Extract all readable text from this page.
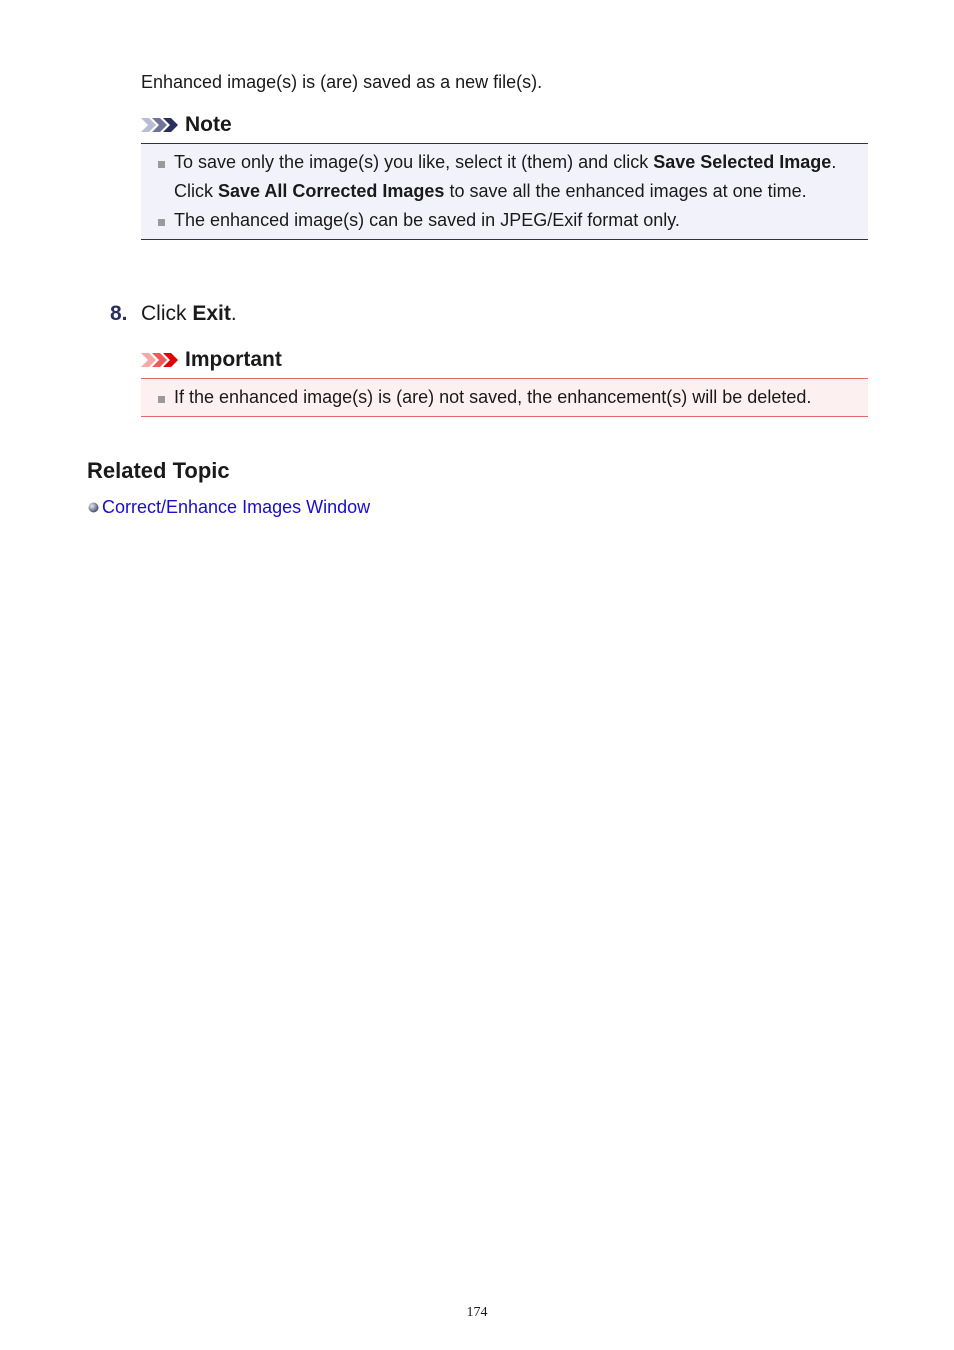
Enhanced image(s) is (are) saved as a new file(s).
Note
To save only the image(s) you like, select it (them) and click Save Selected Image. Click Save All Corrected Images to save all the enhanced images at one time.
The enhanced image(s) can be saved in JPEG/Exif format only.
8. Click Exit.
Important
If the enhanced image(s) is (are) not saved, the enhancement(s) will be deleted.
Related Topic
Correct/Enhance Images Window
174
